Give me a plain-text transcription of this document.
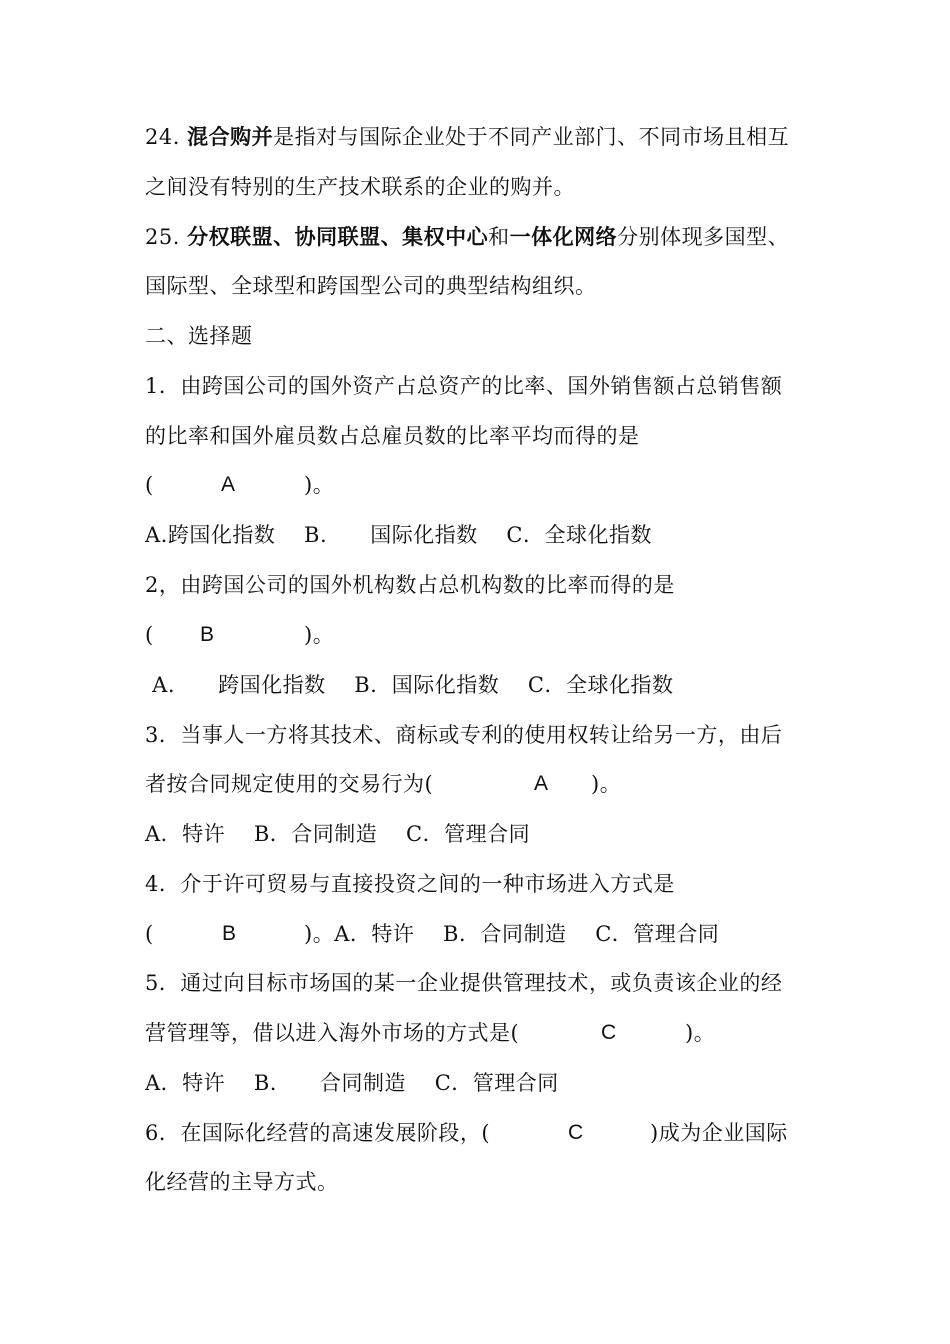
24. 混合购并是指对与国际企业处于不同产业部门、不同市场且相互
之间没有特别的生产技术联系的企业的购并。
25. 分权联盟、协同联盟、集权中心和一体化网络分别体现多国型、
国际型、全球型和跨国型公司的典型结构组织。
二、选择题
1．由跨国公司的国外资产占总资产的比率、国外销售额占总销售额
的比率和国外雇员数占总雇员数的比率平均而得的是
(	A	)。
A.跨国化指数    B.      国际化指数    C．全球化指数
2，由跨国公司的国外机构数占总机构数的比率而得的是
( B	)。
A.      跨国化指数    B．国际化指数    C．全球化指数
3．当事人一方将其技术、商标或专利的使用权转让给另一方，由后
者按合同规定使用的交易行为(	A )。
A．特许    B．合同制造    C．管理合同
4．介于许可贸易与直接投资之间的一种市场进入方式是
(	B	)。A．特许    B．合同制造    C．管理合同
5．通过向目标市场国的某一企业提供管理技术，或负责该企业的经
营管理等，借以进入海外市场的方式是(	C	)。
A．特许    B.      合同制造    C．管理合同
6．在国际化经营的高速发展阶段，(	C	)成为企业国际
化经营的主导方式。
